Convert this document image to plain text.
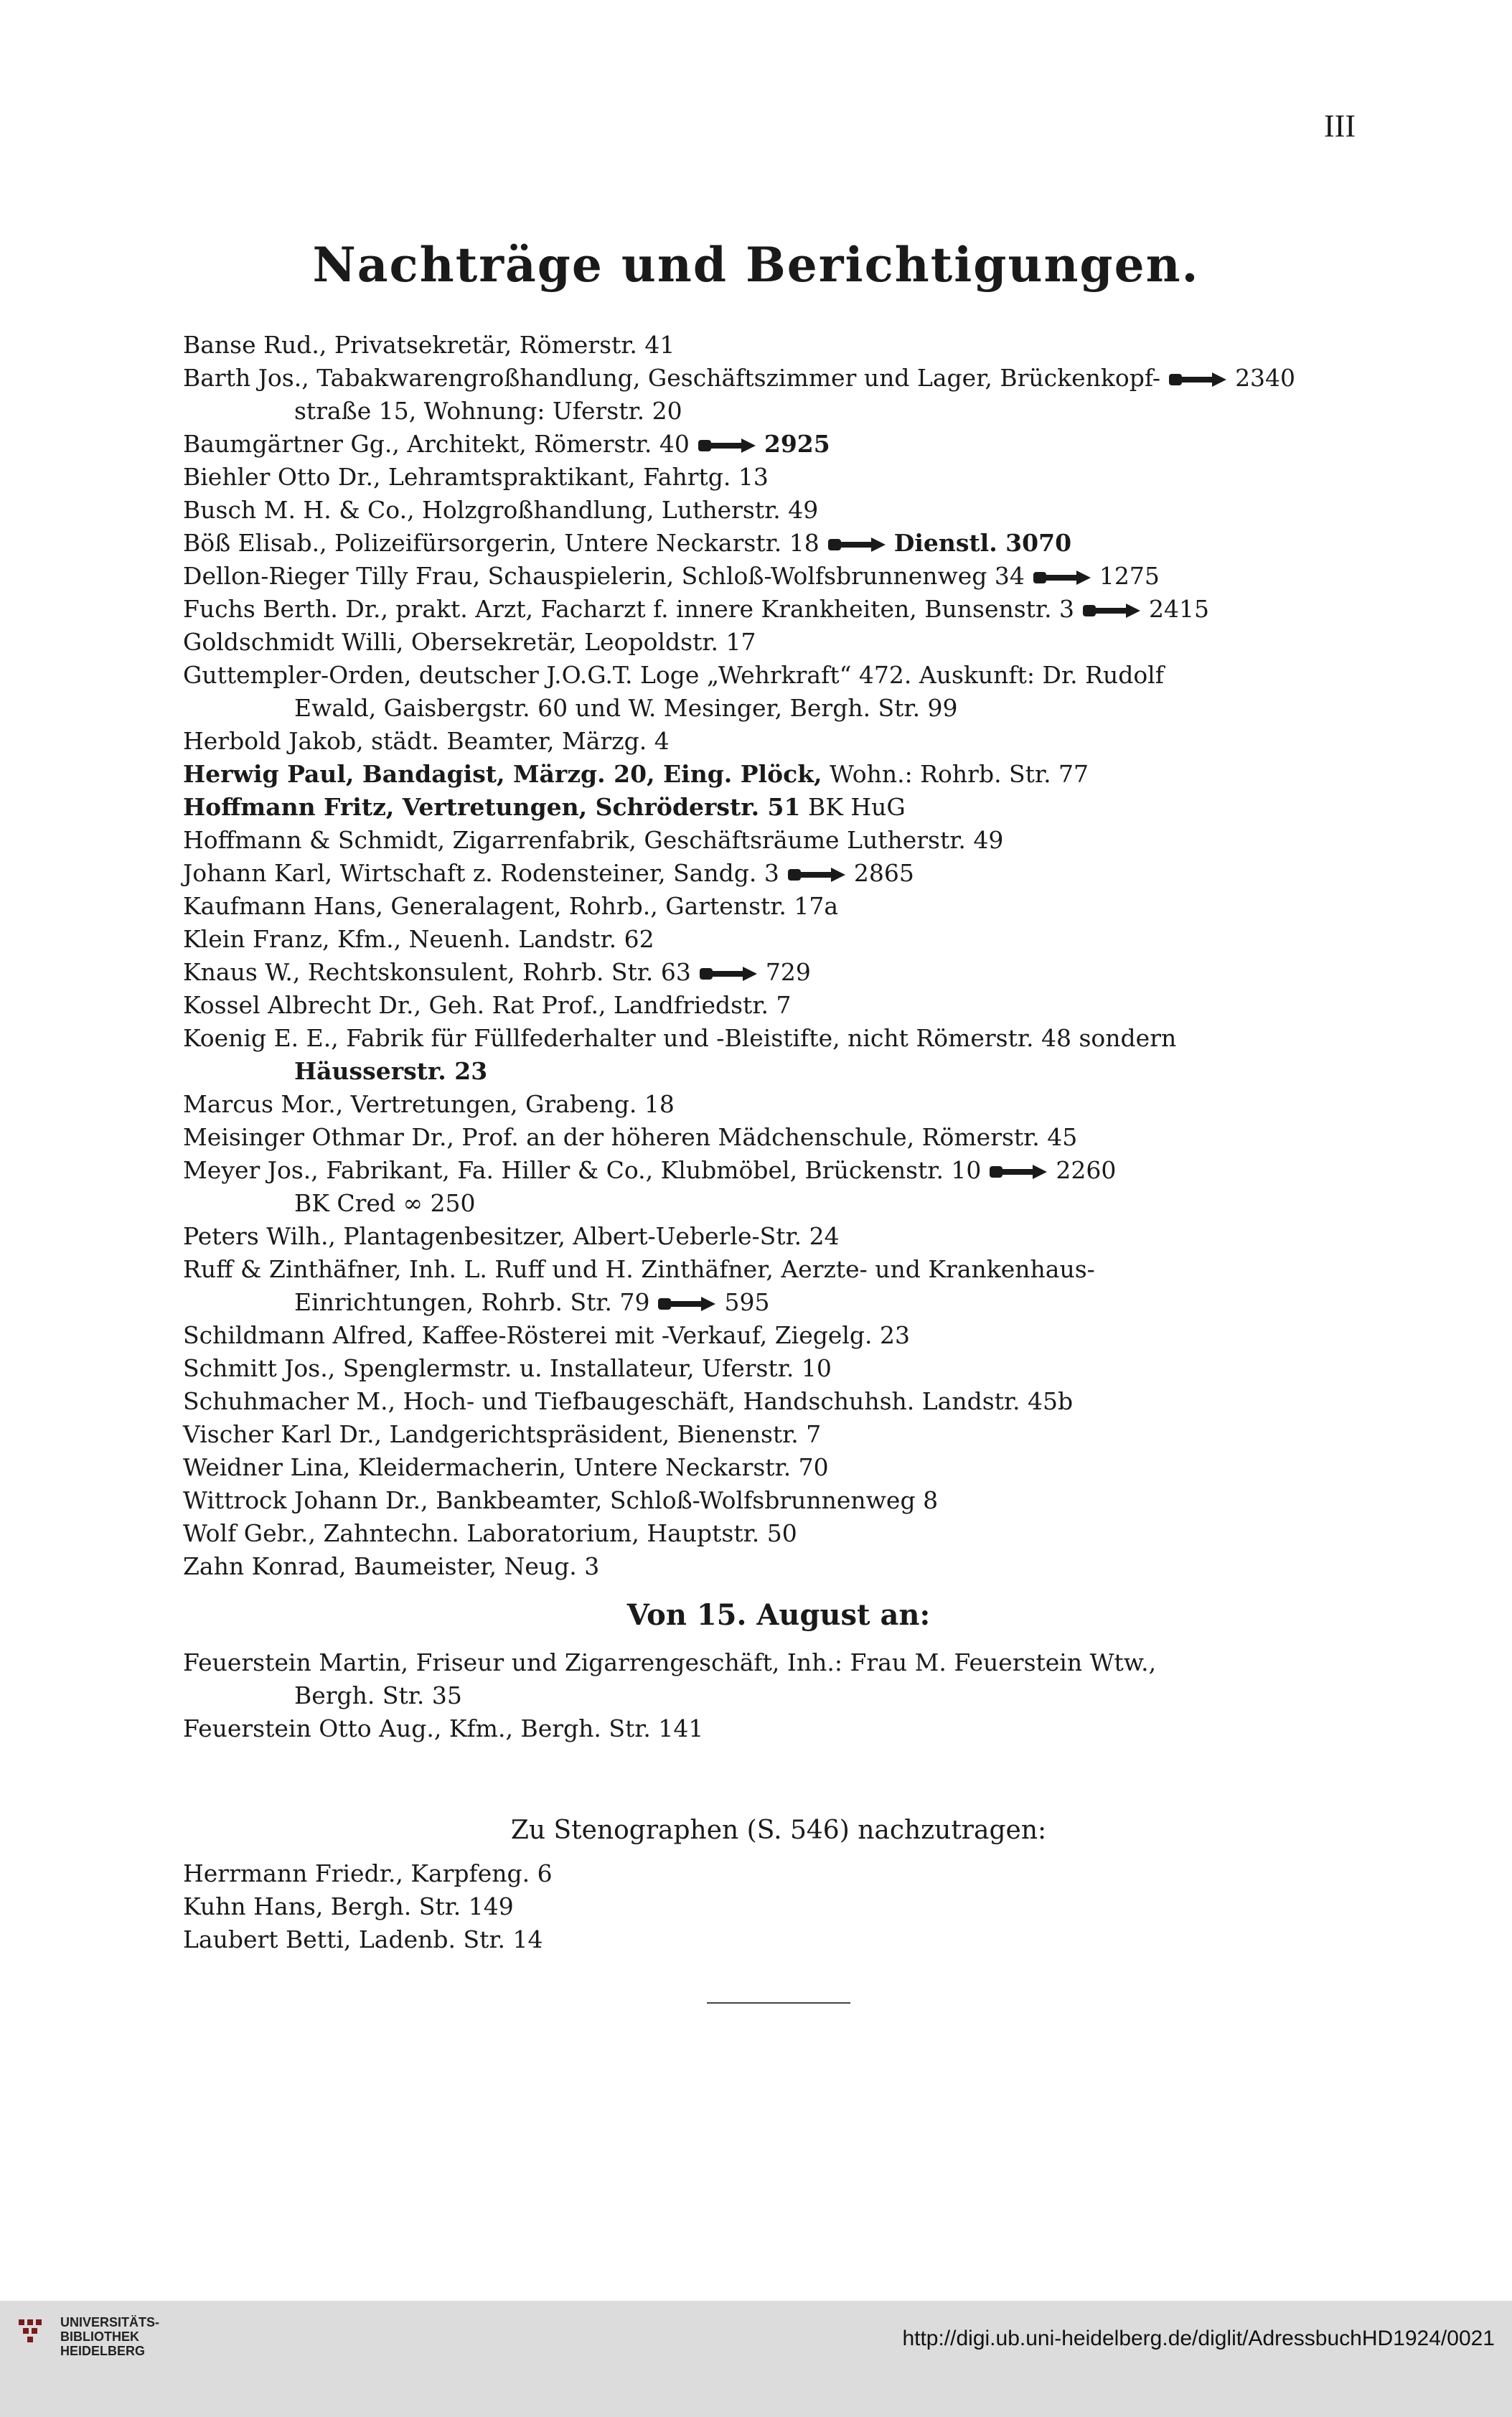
III
Nachträge und Berichtigungen.
Banse Rud., Privatsekretär, Römerstr. 41
Barth Jos., Tabakwarengroßhandlung, Geschäftszimmer und Lager, Brückenkopf-	2340
straße 15, Wohnung: Uferstr. 20
Baumgärtner Gg., Architekt, Römerstr. 40	2925
Biehler Otto Dr., Lehramtspraktikant, Fahrtg. 13
Busch M. H. & Co., Holzgroßhandlung, Lutherstr. 49
Böß Elisab., Polizeifürsorgerin, Untere Neckarstr. 18	Dienstl. 3070
Dellon-Rieger Tilly Frau, Schauspielerin, Schloß-Wolfsbrunnenweg 34	1275
Fuchs Berth. Dr., prakt. Arzt, Facharzt f. innere Krankheiten, Bunsenstr. 3	2415
Goldschmidt Willi, Obersekretär, Leopoldstr. 17
Guttempler-Orden, deutscher J.O.G.T. Loge „Wehrkraft“ 472. Auskunft: Dr. Rudolf
Ewald, Gaisbergstr. 60 und W. Mesinger, Bergh. Str. 99
Herbold Jakob, städt. Beamter, Märzg. 4
Herwig Paul, Bandagist, Märzg. 20, Eing. Plöck, Wohn.: Rohrb. Str. 77
Hoffmann Fritz, Vertretungen, Schröderstr. 51 BK HuG
Hoffmann & Schmidt, Zigarrenfabrik, Geschäftsräume Lutherstr. 49
Johann Karl, Wirtschaft z. Rodensteiner, Sandg. 3	2865
Kaufmann Hans, Generalagent, Rohrb., Gartenstr. 17a
Klein Franz, Kfm., Neuenh. Landstr. 62
Knaus W., Rechtskonsulent, Rohrb. Str. 63	729
Kossel Albrecht Dr., Geh. Rat Prof., Landfriedstr. 7
Koenig E. E., Fabrik für Füllfederhalter und -Bleistifte, nicht Römerstr. 48 sondern
Häusserstr. 23
Marcus Mor., Vertretungen, Grabeng. 18
Meisinger Othmar Dr., Prof. an der höheren Mädchenschule, Römerstr. 45
Meyer Jos., Fabrikant, Fa. Hiller & Co., Klubmöbel, Brückenstr. 10	2260
BK Cred ∞ 250
Peters Wilh., Plantagenbesitzer, Albert-Ueberle-Str. 24
Ruff & Zinthäfner, Inh. L. Ruff und H. Zinthäfner, Aerzte- und Krankenhaus-
Einrichtungen, Rohrb. Str. 79	595
Schildmann Alfred, Kaffee-Rösterei mit -Verkauf, Ziegelg. 23
Schmitt Jos., Spenglermstr. u. Installateur, Uferstr. 10
Schuhmacher M., Hoch- und Tiefbaugeschäft, Handschuhsh. Landstr. 45b
Vischer Karl Dr., Landgerichtspräsident, Bienenstr. 7
Weidner Lina, Kleidermacherin, Untere Neckarstr. 70
Wittrock Johann Dr., Bankbeamter, Schloß-Wolfsbrunnenweg 8
Wolf Gebr., Zahntechn. Laboratorium, Hauptstr. 50
Zahn Konrad, Baumeister, Neug. 3
Von 15. August an:
Feuerstein Martin, Friseur und Zigarrengeschäft, Inh.: Frau M. Feuerstein Wtw.,
Bergh. Str. 35
Feuerstein Otto Aug., Kfm., Bergh. Str. 141
Zu Stenographen (S. 546) nachzutragen:
Herrmann Friedr., Karpfeng. 6
Kuhn Hans, Bergh. Str. 149
Laubert Betti, Ladenb. Str. 14
UNIVERSITÄTS-
BIBLIOTHEK
HEIDELBERG
http://digi.ub.uni-heidelberg.de/diglit/AdressbuchHD1924/0021
